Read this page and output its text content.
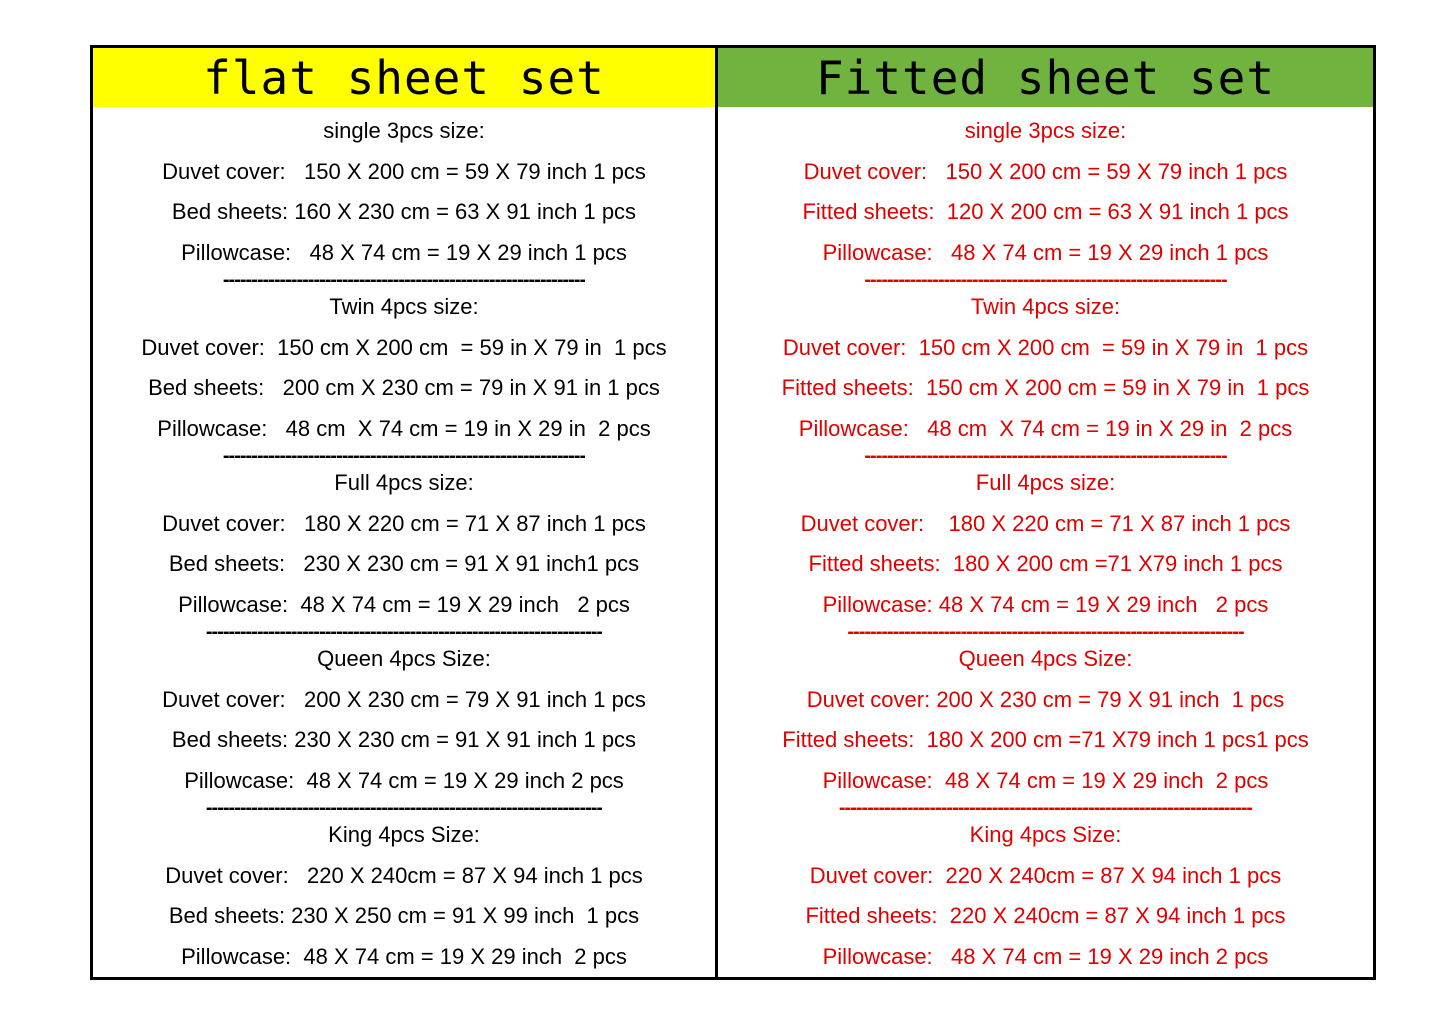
flat sheet set
single 3pcs size:
Duvet cover:   150 X 200 cm = 59 X 79 inch 1 pcs
Bed sheets: 160 X 230 cm = 63 X 91 inch 1 pcs
Pillowcase:   48 X 74 cm = 19 X 29 inch 1 pcs
----------------------------------------------------------------
Twin 4pcs size:
Duvet cover:  150 cm X 200 cm  = 59 in X 79 in  1 pcs
Bed sheets:   200 cm X 230 cm = 79 in X 91 in 1 pcs
Pillowcase:   48 cm  X 74 cm = 19 in X 29 in  2 pcs
----------------------------------------------------------------
Full 4pcs size:
Duvet cover:   180 X 220 cm = 71 X 87 inch 1 pcs
Bed sheets:   230 X 230 cm = 91 X 91 inch1 pcs
Pillowcase:  48 X 74 cm = 19 X 29 inch   2 pcs
----------------------------------------------------------------------
Queen 4pcs Size:
Duvet cover:   200 X 230 cm = 79 X 91 inch 1 pcs
Bed sheets: 230 X 230 cm = 91 X 91 inch 1 pcs
Pillowcase:  48 X 74 cm = 19 X 29 inch 2 pcs
----------------------------------------------------------------------
King 4pcs Size:
Duvet cover:   220 X 240cm = 87 X 94 inch 1 pcs
Bed sheets: 230 X 250 cm = 91 X 99 inch  1 pcs
Pillowcase:  48 X 74 cm = 19 X 29 inch  2 pcs
Fitted sheet set
single 3pcs size:
Duvet cover:   150 X 200 cm = 59 X 79 inch 1 pcs
Fitted sheets:  120 X 200 cm = 63 X 91 inch 1 pcs
Pillowcase:   48 X 74 cm = 19 X 29 inch 1 pcs
----------------------------------------------------------------
Twin 4pcs size:
Duvet cover:  150 cm X 200 cm  = 59 in X 79 in  1 pcs
Fitted sheets:  150 cm X 200 cm = 59 in X 79 in  1 pcs
Pillowcase:   48 cm  X 74 cm = 19 in X 29 in  2 pcs
----------------------------------------------------------------
Full 4pcs size:
Duvet cover:    180 X 220 cm = 71 X 87 inch 1 pcs
Fitted sheets:  180 X 200 cm =71 X79 inch 1 pcs
Pillowcase: 48 X 74 cm = 19 X 29 inch   2 pcs
----------------------------------------------------------------------
Queen 4pcs Size:
Duvet cover: 200 X 230 cm = 79 X 91 inch  1 pcs
Fitted sheets:  180 X 200 cm =71 X79 inch 1 pcs1 pcs
Pillowcase:  48 X 74 cm = 19 X 29 inch  2 pcs
-------------------------------------------------------------------------
King 4pcs Size:
Duvet cover:  220 X 240cm = 87 X 94 inch 1 pcs
Fitted sheets:  220 X 240cm = 87 X 94 inch 1 pcs
Pillowcase:   48 X 74 cm = 19 X 29 inch 2 pcs
